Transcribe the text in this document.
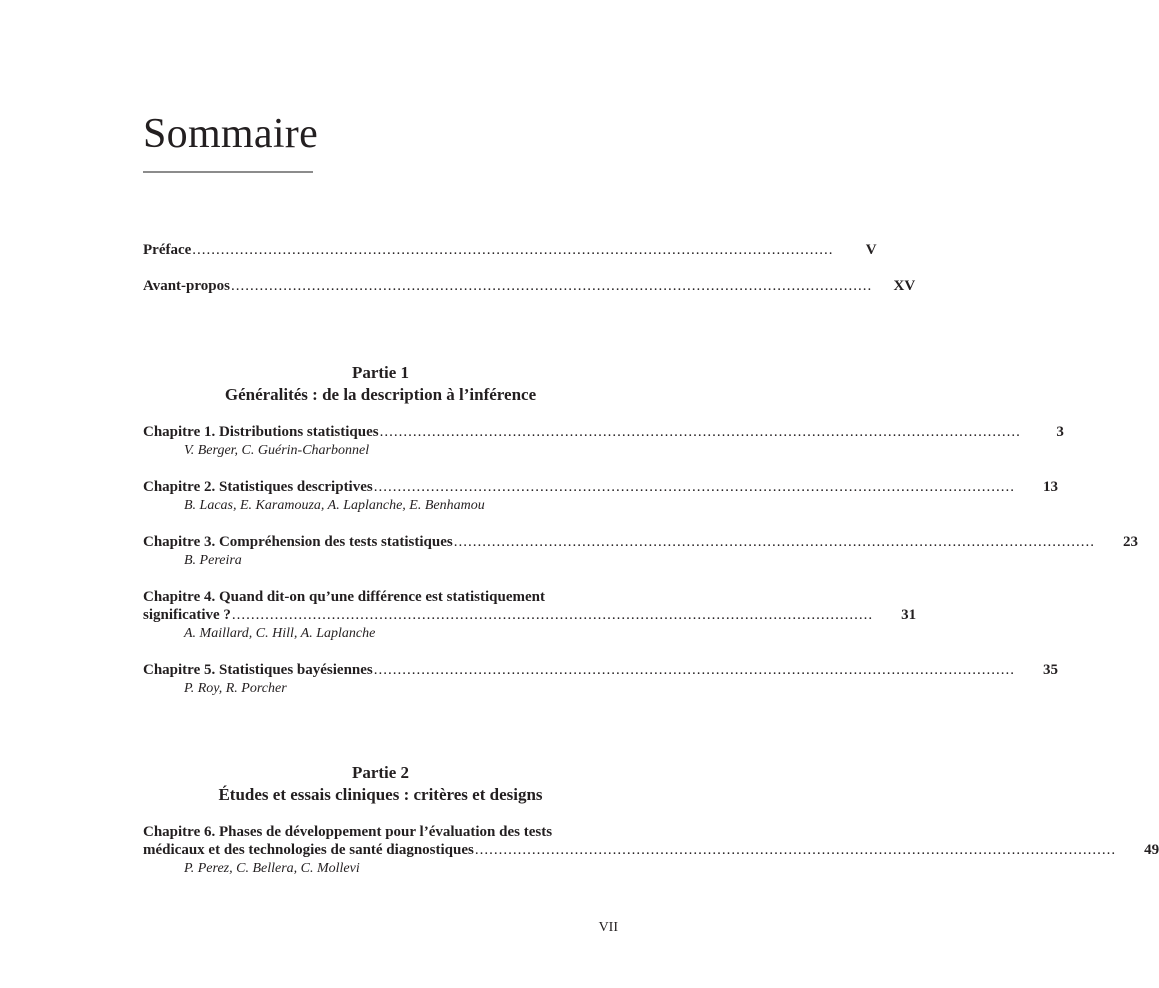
Sommaire
Préface .......................................................................................................................................	V
Avant-propos .......................................................................................................................................	XV
Partie 1
Généralités : de la description à l’inférence
Chapitre 1. Distributions statistiques .......................................................................................................................................	3
V. Berger, C. Guérin-Charbonnel
Chapitre 2. Statistiques descriptives .......................................................................................................................................	13
B. Lacas, E. Karamouza, A. Laplanche, E. Benhamou
Chapitre 3. Compréhension des tests statistiques .......................................................................................................................................	23
B. Pereira
Chapitre 4. Quand dit-on qu’une différence est statistiquement
significative ? .......................................................................................................................................	31
A. Maillard, C. Hill, A. Laplanche
Chapitre 5. Statistiques bayésiennes .......................................................................................................................................	35
P. Roy, R. Porcher
Partie 2
Études et essais cliniques : critères et designs
Chapitre 6. Phases de développement pour l’évaluation des tests
médicaux et des technologies de santé diagnostiques .......................................................................................................................................	49
P. Perez, C. Bellera, C. Mollevi
VII
